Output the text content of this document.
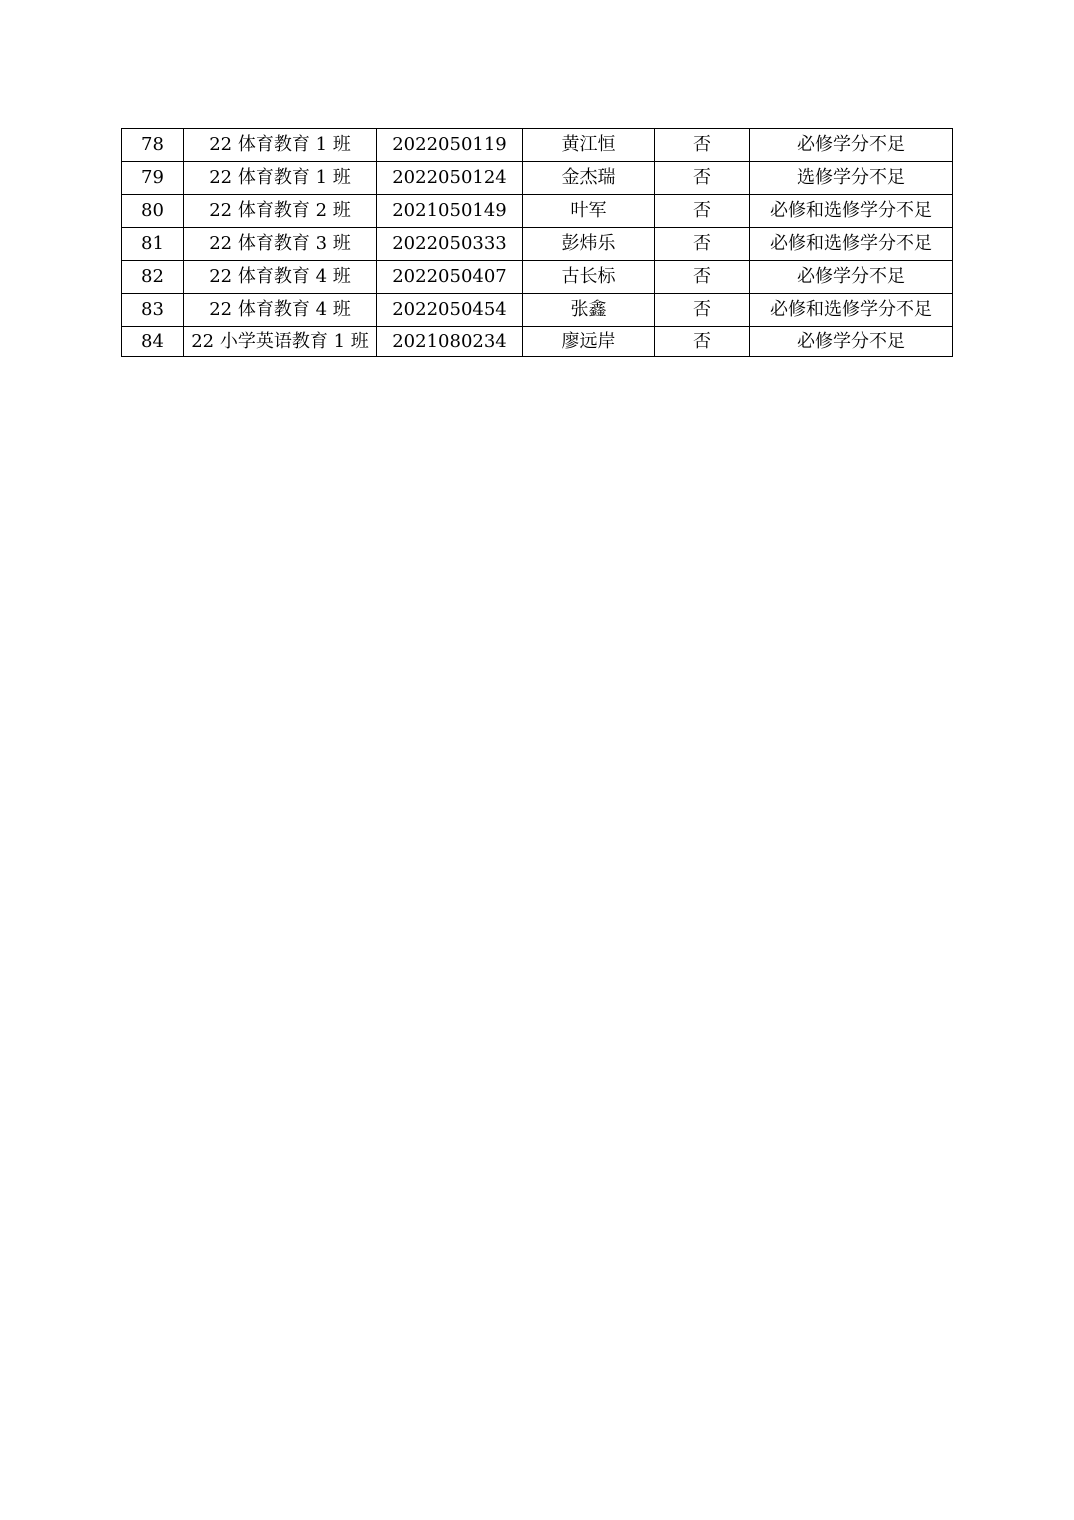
78	22 体育教育 1 班	2022050119	黄江恒	否	必修学分不足
79	22 体育教育 1 班	2022050124	金杰瑞	否	选修学分不足
80	22 体育教育 2 班	2021050149	叶军	否	必修和选修学分不足
81	22 体育教育 3 班	2022050333	彭炜乐	否	必修和选修学分不足
82	22 体育教育 4 班	2022050407	古长标	否	必修学分不足
83	22 体育教育 4 班	2022050454	张鑫	否	必修和选修学分不足
84	22 小学英语教育 1 班	2021080234	廖远岸	否	必修学分不足
